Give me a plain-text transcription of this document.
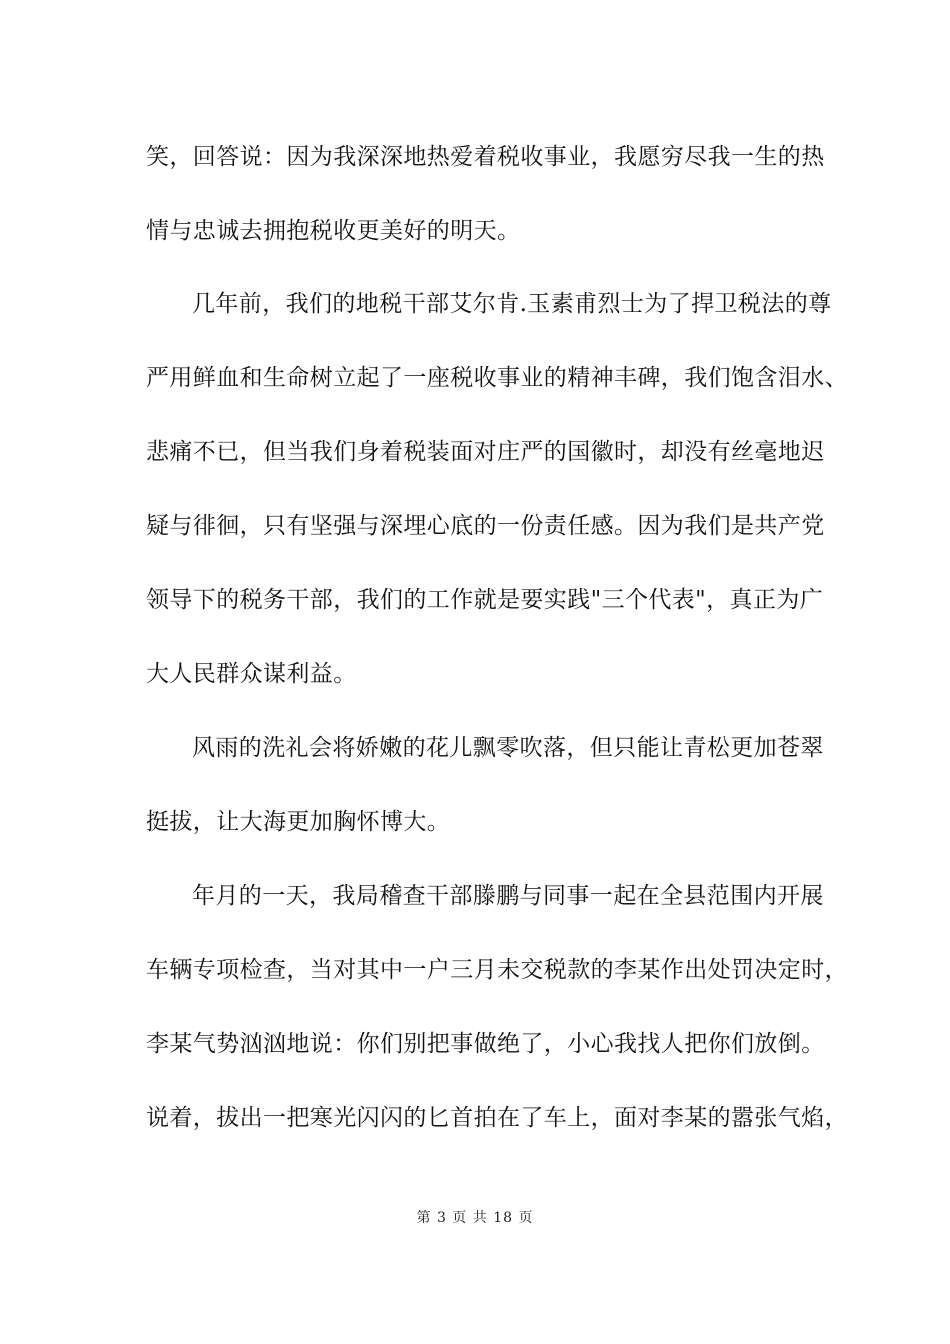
笑，回答说：因为我深深地热爱着税收事业，我愿穷尽我一生的热
情与忠诚去拥抱税收更美好的明天。
几年前，我们的地税干部艾尔肯.玉素甫烈士为了捍卫税法的尊
严用鲜血和生命树立起了一座税收事业的精神丰碑，我们饱含泪水、
悲痛不已，但当我们身着税装面对庄严的国徽时，却没有丝毫地迟
疑与徘徊，只有坚强与深埋心底的一份责任感。因为我们是共产党
领导下的税务干部，我们的工作就是要实践"三个代表"，真正为广
大人民群众谋利益。
风雨的洗礼会将娇嫩的花儿飘零吹落，但只能让青松更加苍翠
挺拔，让大海更加胸怀博大。
年月的一天，我局稽查干部滕鹏与同事一起在全县范围内开展
车辆专项检查，当对其中一户三月未交税款的李某作出处罚决定时，
李某气势汹汹地说：你们别把事做绝了，小心我找人把你们放倒。
说着，拔出一把寒光闪闪的匕首拍在了车上，面对李某的嚣张气焰，
第 3 页 共 18 页
